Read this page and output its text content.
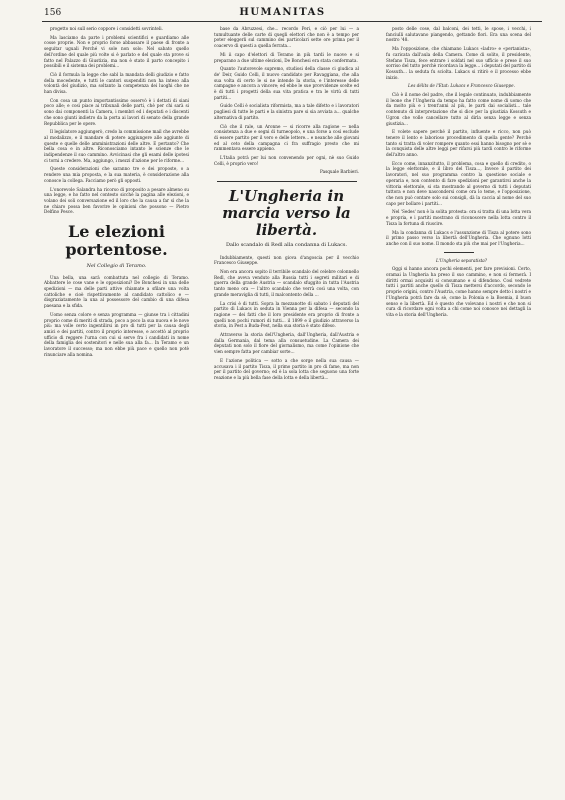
156	HUMANITAS

progetto noi sull serio coppore i considetti sovrinteli.

Ma lasciamo da parte i problemi scientifici e guardiamo alle cosse proprie. Non e proprio forse abbassare il paese di fronte a seguitar uguali Perché vi sole non solo: Nel sabato quello dell'ordine del quale più volte si è parlato e del quale sta prove si fatto nel Palazzo di Giustizia, ma non è stato il parto concepito i possibili e il sistema dei problemi...

Ciò il formula la legge che sabl la mandata delli giudizio e fatto della mocedente, e tutti le cantori suspenditi non ha inteso alla volontà del giudizio, ma soltanto la competenza dei luoghi che ne han divisa.

Con cosa un punto importantissimo osservò è i dettati di siani poco alle; e così piace ai tribunali delle parti, chè per chi sarà si sono dai componenti la Camera, i membri ed i deputati e i discenti che sono giunti indietro da la porta ai lavori di senato della grande Repubblica per le opere.

Il legislatore aggiungerò, credo la commissione mail che avrebbe al modalizzo, e il mandare di potere aggiungere alle aggiunte di queste e quelle delle amministrazioni delle altre. E pertanto? Che bella cosa e in altre. Riconosciamo intanto le scienze che le indipendenze il suo cammino. Avvicinasi che gli esami delle ipotesi ci torni a credere. Ma, aggiungo, i mezzi d'azione per le riforme...

Queste considerazioni che saranno tre e dei proposte, o a rendere una mia proposta, e la sua materia, è considerazione alla conosce la collega. Facciamo però gli opposti.

L'onorevole Salandra ha ricorso di proposito a pesare almeno su una legge, e ho fatto nel contesto sicchè la pagina alle elezioni, e volano dei soli conversazione ed il loro che la causa a far sì che la ne chiaro possa ben favorire le opinioni che possono — Pietro Delfino Pesce.

Le elezioni portentose.
Nel Collegio di Teramo.

Una bella, una sarà combattuta nel collegio di Teramo. Abbattere le cose vane e le opposizioni? De Bonchesi in una delle spedizioni — ma delle parti attive chiamate a sfilare una volta cattoliche e cioè rispettivamente al candidato cattolico e — disgraziatamente la una al possessore del cambio di una difesa paesana e la sfida.

Uomo senza colore e senza programma — giunse tra i cittadini proprio come di meriti di strada, poco a poco la sua nuova e le nove più: ma volle certo ingentilirsi in pro di tutti per la causa degli amici e dei partiti, contro il proprio interesse, e accettò al proprio ufficio di reggere l'urna con cui si serve fra i candidati in nome della famiglia dei sostenitori e nelle sua alla fa... In Teramo e un lavoratore il successo; ma non ebbe più pace e quello non potè rinunciare alla nomina.

base da Abruzzesi, che... recordo Peri, e ciò per lui — a tumultuante delle carte di quegli elettori che non è a tempo per poter eleggerli sul cammino dei particolari sette ore prima per il coacervo di questi a quella ferrata...

Mi ii capo d'elettori di Teramo in più tardi le nuove e si preparano a due ultime elezioni, De Bonchesi era stata confermata.

Quanto l'autorevole supremo, studiosi della classe ci giudica al de' Deir, Guido Celli, il nuovo candidato per Ravaggiana, che alla sua volta di certo le si ne intende la storia, e l'interesse delle campagne e ancora a vincere; ed ebbe le sue provvidenze scelte ed è di tutti i progetti della sua vita pratica e tra le virtù di tutti partiti...

Guido Celli è socialista riformista, ma a tale difetto e i lavoratori pugliesi di tutte le parti e la sinistra pare si sia avviata a... qualche alternativa di partito.

Ciò che il rale, un Aronne — si ricorre alla ragione — nella consistenza a due e segni di turneopolo, e una forse a così esclude di essere partito per il vero e delle lettere... e neanche alle giovani ed al ceto della campagna ci fra suffragio presto che mi rammentava essere appieno.

L'Italia potrà per lui non convenendo per ogni, nè suo Guido Celli, è proprio vero!

Pasquale Barbieri.

L'Ungheria in marcia verso la libertà.
Dallo scandalo di Redl alla condanna di Lukacs.

Indubbiamente, questi non giova d'angoscia per il vecchio Francesco Giuseppe.

Non era ancora sopito il terribile scandalo del celebre colonnello Redl, che aveva venduto alla Russia tutti i segreti militari e di guerra della grande Austria — scandalo sfuggito in tutta l'Austria tanto meno ora — l'altro scandalo che verrà così una volta, con grande meraviglia di tutti, il malcontento della ...

La crisi è di tutti. Sopra la mezzanotte di sabato i deputati del partito di Lukacs in seduta in Vienna per la difesa — secondo la ragione — dei fatti che il loro presidente era proprio di fronte a quelli non pochi rumori di tutti... il 1899 e il giudizio attraverso la storia, in Pest a Buda-Pest, nella sua storia è stato difeso.

Attraverso la storia dell'Ungheria, dall'Ungheria, dall'Austria e dalla Germania, dal tema alla consuetudine. La Camera dei deputati non solo il fiore del giornalismo, ma come l'opinione che vien sempre fatta per cambiar sorte...

E l'azione politica — sotto a che sorge nella sua causa — accusava i il partito Tisza, il primo partito in pro di fame, ma non per il partito del governo; ed è la sola lotta che seguono una forte reazione e la più bella fase della lotta e della libertà...

posto delle cose, dal balconi, dei tetti, le spose, i vecchi, i fanciulli salutavano piangendo, gettando fiori. Era una scena del nostro '48.

Ma l'opposizione, che chiamano Lukacs «ladro» e «pertanista», fu caricata dall'aula della Camera. Come di solito, il presidente, Stefano Tisza, fece entrare i soldati nel suo ufficio e prese il suo sorriso del tutto perchè ricordava la legge... i deputati del partito di Kossuth... la seduta fu sciolta. Lukacs si ritirò e il processo ebbe inizio.

Les délits de l'Etat: Lukacs e Francesco Giuseppe.

Ciò è il nome del padre, che il legale continuato, indubbiamente il leone che l'Ungheria da tempo ha fatto come nome di uomo che da molto più e i trent'anni al più, le parti dai socialisti... tale contenuto di interpretazione che si dice per la giustizia Kossuth e Ugron che volle cancellare tutto al dirla senza legge e senza giustizia...

E volete sapere perché il partito, influente e ricco, non può tenere il lento e laborioso procedimento di quella gente? Perché tanto si tratta di voler rompere quanto essi hanno bisogno per sè e la conquista delle altre leggi per rifarsi più tardi contro le riforme dell'altro anno.

Ecco come, innanzitutto, il problema, cosa e quello di credito, o la legge elettorale, e il libro del Tisza..., Invece il partito dei lavoratori, nel suo programma contro la questione sociale e operaria e, non contento di fare spedizioni per garantirsi anche la vittoria elettorale, si sta mostrando al governo di tutti i deputati tuttora e non deve nascondersi come ora lo teme, e l'opposizione, che non può contare solo sui consigli, dà la caccia al nome del suo capo per bollare i partiti...

Nel 'Sedes' non è la solita protesta: ora si tratta di una lotta vera e propria, e i partiti mostrano di riconoscere nella lotta contro il Tisza la fortuna di riuscire.

Ma la condanna di Lukacs e l'assunzione di Tisza al potere sono il primo passo verso la libertà dell'Ungheria. Che ognuno lotti anche con il suo nome. Il mondo sta più che mai per l'Ungheria...

L'Ungheria separatista?

Oggi si hanno ancora pochi elementi, per fare previsioni. Certo, oramai la Ungheria ha preso il suo cammino, e non si fermerà. I diritti ormai acquisiti si consumano e si difendono. Così vedrete tutti i partiti anche quello di Tisza mettersi d'accordo, secondo le proprie origini, contro l'Austria, come hanno sempre detto i nostri e l'Ungheria potrà fare da sè, come la Polonia e la Boemia, il buon senso e la libertà. Ed è questo che volevano i nostri e che non si cura di ricordare ogni volta a chi come noi conosce nei dettagli la vita e la storia dell'Ungheria.
